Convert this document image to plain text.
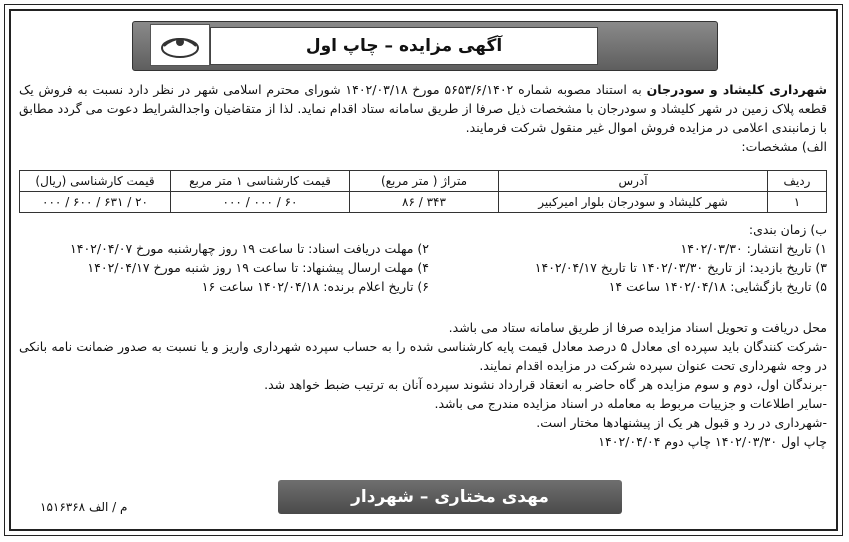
آگهی مزایده – چاپ اول
شهرداری کلیشاد و سودرجان به استناد مصوبه شماره ۵۶۵۳/۶/۱۴۰۲ مورخ ۱۴۰۲/۰۳/۱۸ شورای محترم اسلامی شهر در نظر دارد نسبت به فروش یک قطعه پلاک زمین در شهر کلیشاد و سودرجان با مشخصات ذیل صرفا از طریق سامانه ستاد اقدام نماید. لذا از متقاضیان واجدالشرایط دعوت می گردد مطابق با زمانبندی اعلامی در مزایده فروش اموال غیر منقول شرکت فرمایند.
الف) مشخصات:
ردیف	آدرس	متراژ ( متر مربع)	قیمت کارشناسی ۱ متر مربع	قیمت کارشناسی (ریال)
۱	شهر کلیشاد و سودرجان بلوار امیرکبیر	۳۴۳ / ۸۶	۶۰ / ۰۰۰ / ۰۰۰	۲۰ / ۶۳۱ / ۶۰۰ / ۰۰۰
ب) زمان بندی:
۱) تاریخ انتشار: ۱۴۰۲/۰۳/۳۰
۲) مهلت دریافت اسناد: تا ساعت ۱۹ روز چهارشنبه مورخ ۱۴۰۲/۰۴/۰۷
۳) تاریخ بازدید: از تاریخ ۱۴۰۲/۰۳/۳۰ تا تاریخ ۱۴۰۲/۰۴/۱۷
۴) مهلت ارسال پیشنهاد: تا ساعت ۱۹ روز شنبه مورخ ۱۴۰۲/۰۴/۱۷
۵) تاریخ بازگشایی: ۱۴۰۲/۰۴/۱۸ ساعت ۱۴
۶) تاریخ اعلام برنده: ۱۴۰۲/۰۴/۱۸ ساعت ۱۶
محل دریافت و تحویل اسناد مزایده صرفا از طریق سامانه ستاد می باشد.
-شرکت کنندگان باید سپرده ای معادل ۵ درصد معادل قیمت پایه کارشناسی شده را به حساب سپرده شهرداری واریز و یا نسبت به صدور ضمانت نامه بانکی در وجه شهرداری تحت عنوان سپرده شرکت در مزایده اقدام نمایند.
-برندگان اول، دوم و سوم مزایده هر گاه حاضر به انعقاد قرارداد نشوند سپرده آنان به ترتیب ضبط خواهد شد.
-سایر اطلاعات و جزییات مربوط به معامله در اسناد مزایده مندرج می باشد.
-شهرداری در رد و قبول هر یک از پیشنهادها مختار است.
چاپ اول ۱۴۰۲/۰۳/۳۰ چاپ دوم ۱۴۰۲/۰۴/۰۴
مهدی مختاری – شهردار
م / الف ۱۵۱۶۳۶۸
